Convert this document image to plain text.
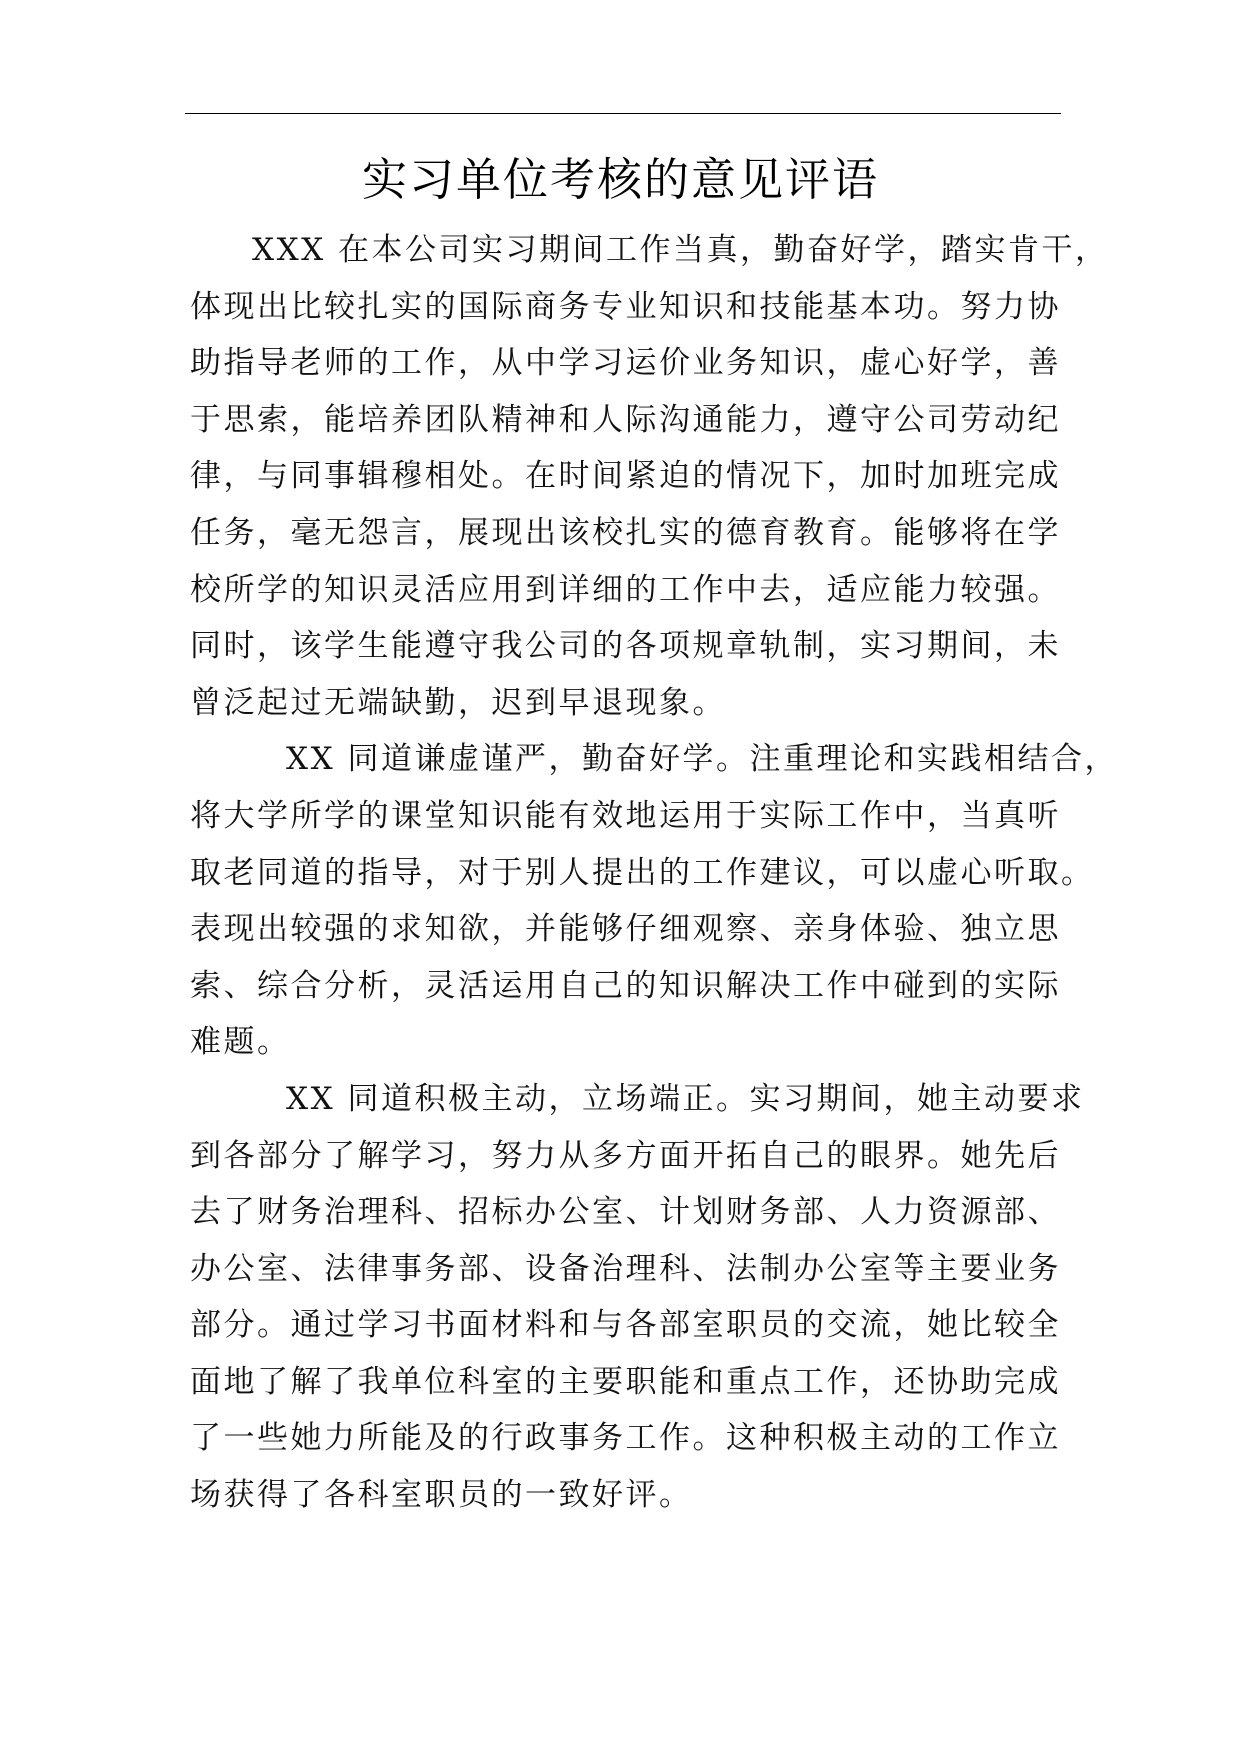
实习单位考核的意见评语

XXX 在本公司实习期间工作当真，勤奋好学，踏实肯干，
体现出比较扎实的国际商务专业知识和技能基本功。努力协
助指导老师的工作，从中学习运价业务知识，虚心好学，善
于思索，能培养团队精神和人际沟通能力，遵守公司劳动纪
律，与同事辑穆相处。在时间紧迫的情况下，加时加班完成
任务，毫无怨言，展现出该校扎实的德育教育。能够将在学
校所学的知识灵活应用到详细的工作中去，适应能力较强。
同时，该学生能遵守我公司的各项规章轨制，实习期间，未
曾泛起过无端缺勤，迟到早退现象。

XX 同道谦虚谨严，勤奋好学。注重理论和实践相结合，
将大学所学的课堂知识能有效地运用于实际工作中，当真听
取老同道的指导，对于别人提出的工作建议，可以虚心听取。
表现出较强的求知欲，并能够仔细观察、亲身体验、独立思
索、综合分析，灵活运用自己的知识解决工作中碰到的实际
难题。

XX 同道积极主动，立场端正。实习期间，她主动要求
到各部分了解学习，努力从多方面开拓自己的眼界。她先后
去了财务治理科、招标办公室、计划财务部、人力资源部、
办公室、法律事务部、设备治理科、法制办公室等主要业务
部分。通过学习书面材料和与各部室职员的交流，她比较全
面地了解了我单位科室的主要职能和重点工作，还协助完成
了一些她力所能及的行政事务工作。这种积极主动的工作立
场获得了各科室职员的一致好评。
